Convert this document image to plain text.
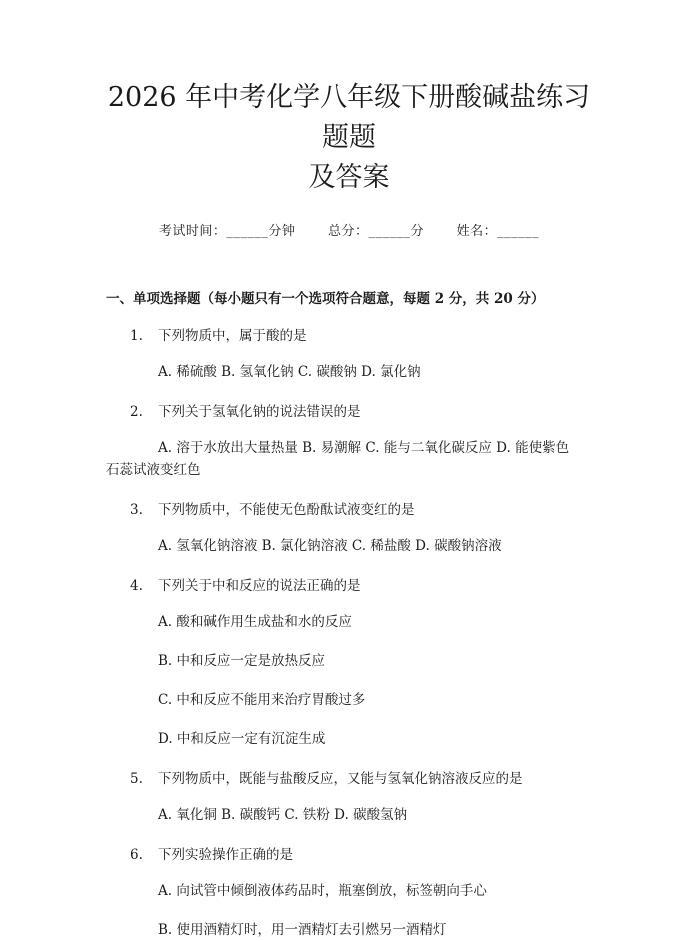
2026 年中考化学八年级下册酸碱盐练习题题
及答案
考试时间：______分钟	总分：______分	姓名：______
一、单项选择题（每小题只有一个选项符合题意，每题 2 分，共 20 分）
1. 下列物质中，属于酸的是
A. 稀硫酸 B. 氢氧化钠 C. 碳酸钠 D. 氯化钠
2. 下列关于氢氧化钠的说法错误的是
A. 溶于水放出大量热量 B. 易潮解 C. 能与二氧化碳反应 D. 能使紫色
石蕊试液变红色
3. 下列物质中，不能使无色酚酞试液变红的是
A. 氢氧化钠溶液 B. 氯化钠溶液 C. 稀盐酸 D. 碳酸钠溶液
4. 下列关于中和反应的说法正确的是
A. 酸和碱作用生成盐和水的反应
B. 中和反应一定是放热反应
C. 中和反应不能用来治疗胃酸过多
D. 中和反应一定有沉淀生成
5. 下列物质中，既能与盐酸反应，又能与氢氧化钠溶液反应的是
A. 氧化铜 B. 碳酸钙 C. 铁粉 D. 碳酸氢钠
6. 下列实验操作正确的是
A. 向试管中倾倒液体药品时，瓶塞倒放，标签朝向手心
B. 使用酒精灯时，用一酒精灯去引燃另一酒精灯
